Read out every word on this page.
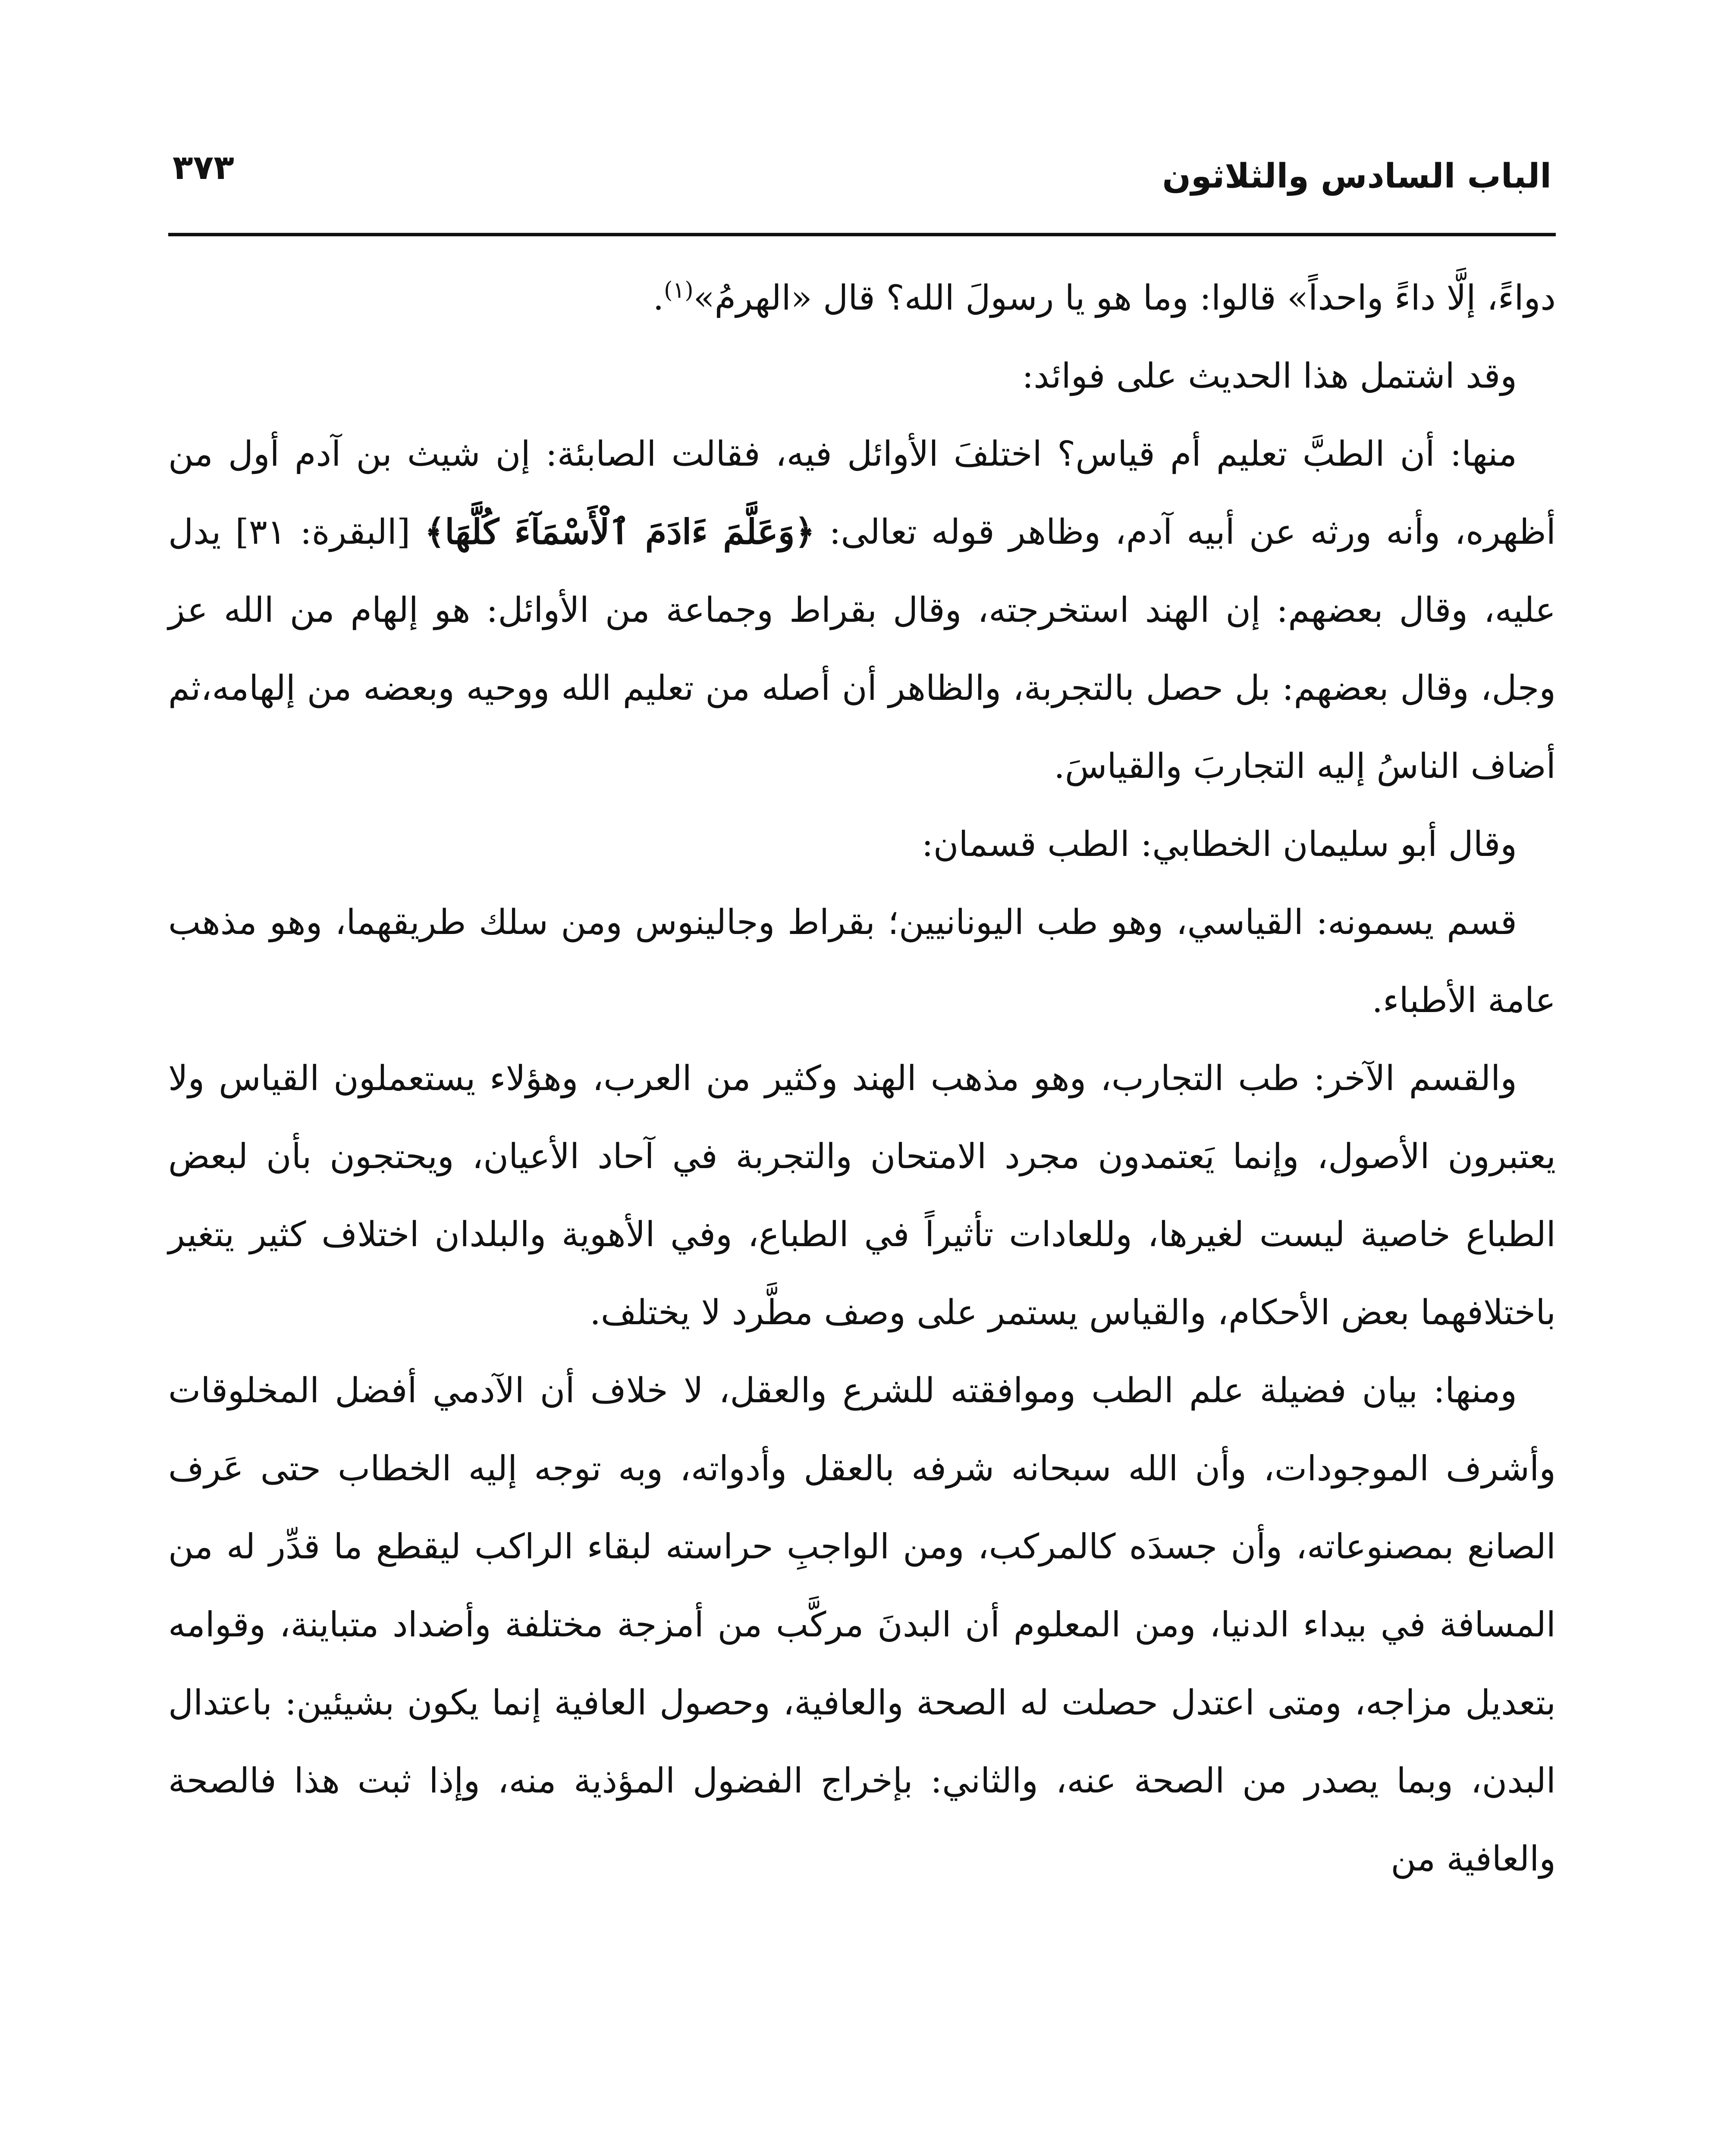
الباب السادس والثلاثون
٣٧٣

دواءً، إلَّا داءً واحداً» قالوا: وما هو يا رسولَ الله؟ قال «الهرمُ»$^{(١)}$.

وقد اشتمل هذا الحديث على فوائد:

منها: أن الطبَّ تعليم أم قياس؟ اختلفَ الأوائل فيه، فقالت الصابئة: إن شيث بن آدم أول من أظهره، وأنه ورثه عن أبيه آدم، وظاهر قوله تعالى: ﴿وَعَلَّمَ ءَادَمَ ٱلْأَسْمَآءَ كُلَّهَا﴾ [البقرة: ٣١] يدل عليه، وقال بعضهم: إن الهند استخرجته، وقال بقراط وجماعة من الأوائل: هو إلهام من الله عز وجل، وقال بعضهم: بل حصل بالتجربة، والظاهر أن أصله من تعليم الله ووحيه وبعضه من إلهامه،ثم أضاف الناسُ إليه التجاربَ والقياسَ.

وقال أبو سليمان الخطابي: الطب قسمان:

قسم يسمونه: القياسي، وهو طب اليونانيين؛ بقراط وجالينوس ومن سلك طريقهما، وهو مذهب عامة الأطباء.

والقسم الآخر: طب التجارب، وهو مذهب الهند وكثير من العرب، وهؤلاء يستعملون القياس ولا يعتبرون الأصول، وإنما يَعتمدون مجرد الامتحان والتجربة في آحاد الأعيان، ويحتجون بأن لبعض الطباع خاصية ليست لغيرها، وللعادات تأثيراً في الطباع، وفي الأهوية والبلدان اختلاف كثير يتغير باختلافهما بعض الأحكام، والقياس يستمر على وصف مطَّرد لا يختلف.

ومنها: بيان فضيلة علم الطب وموافقته للشرع والعقل، لا خلاف أن الآدمي أفضل المخلوقات وأشرف الموجودات، وأن الله سبحانه شرفه بالعقل وأدواته، وبه توجه إليه الخطاب حتى عَرف الصانع بمصنوعاته، وأن جسدَه كالمركب، ومن الواجبِ حراسته لبقاء الراكب ليقطع ما قدِّر له من المسافة في بيداء الدنيا، ومن المعلوم أن البدنَ مركَّب من أمزجة مختلفة وأضداد متباينة، وقوامه بتعديل مزاجه، ومتى اعتدل حصلت له الصحة والعافية، وحصول العافية إنما يكون بشيئين: باعتدال البدن، وبما يصدر من الصحة عنه، والثاني: بإخراج الفضول المؤذية منه، وإذا ثبت هذا فالصحة والعافية من
